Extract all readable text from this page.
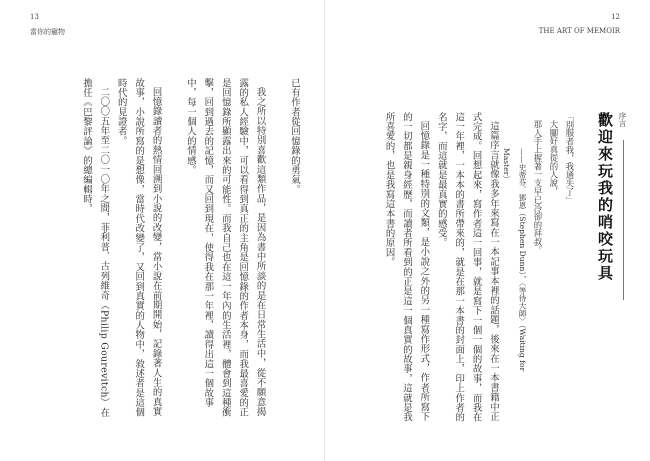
13
當你的寵物

已有作者從回憶錄的勇氣。

我之所以特別喜歡這類作品，是因為書中所談的是在日常生活中，從不願意揭露的私人經驗中，可以看得到真正的主角是回憶錄的作者本身，而我最喜愛的正是回憶錄所顯露出來的可能性。而我自己也在這一年內的生活裡，體會到這種衝擊，回到過去的記憶，而又回到現在，使得我在那一年裡，讀得出這一個故事中，每一個人的情感。

回憶錄讀者的熱情回溯到小說的改變，當小說在前期開始，記錄著人生的真實故事，小說所寫的是想像，當時代改變了，又回到真實的人物中，敘述者是這個時代的見證者。

二〇〇五年至二〇一〇年之間，菲利普．古列維奇（Philip Gourevitch）在擔任《巴黎評論》的總編輯時，

12
THE ART OF MEMOIR
序言
歡迎來玩我的哨咬玩具

「別服者我，我通失了」

大腳好真從的人說，

那人手上握著一支早已冷卻的拜叔。

——史蒂芬．鄧恩（Stephen Dunn），〈等待大師〉（Waiting for Master）

這篇序言就像我多年來寫在一本記事本裡的話題，後來在一本書籍中正式完成。回想起來，寫作者這一回事，就是寫下一個一個的故事，而我在這一年裡，一本本的書所帶來的，就是在那一本書的封面上，印上作者的名字，而這就是最真實的感受。

回憶錄是一種特別的文類，是小說之外的另一種寫作形式，作者所寫下的一切都是親身經歷，而讀者所看到的正是這一個真實的故事，這就是我所喜愛的，也是我寫這本書的原因。
